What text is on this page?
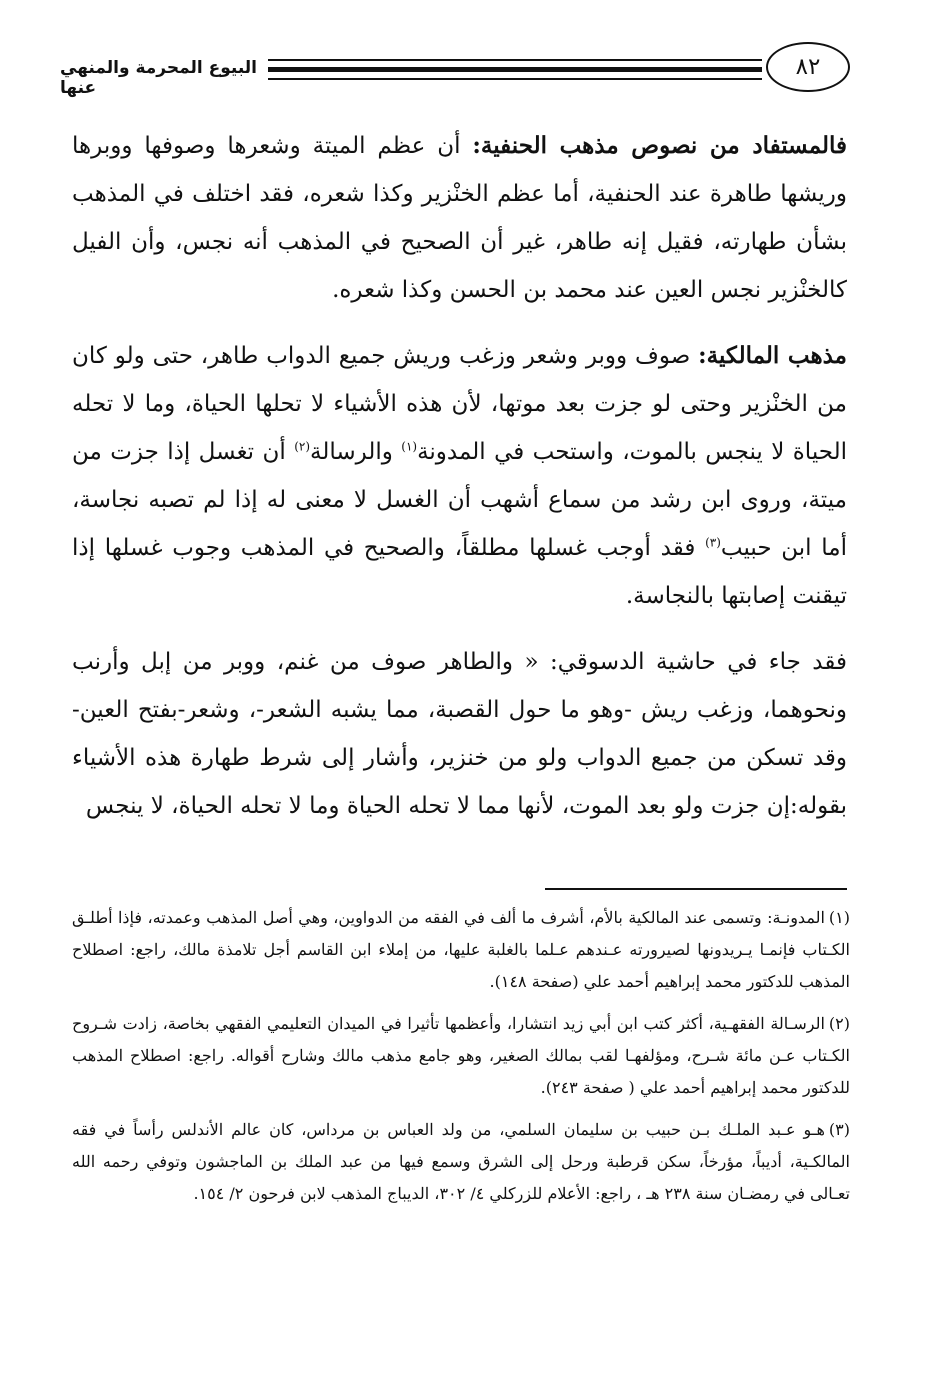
البيوع المحرمة والمنهي عنها
٨٢

فالمستفاد من نصوص مذهب الحنفية: أن عظم الميتة وشعرها وصوفها ووبرها وريشها طاهرة عند الحنفية، أما عظم الخنْزير وكذا شعره، فقد اختلف في المذهب بشأن طهارته، فقيل إنه طاهر، غير أن الصحيح في المذهب أنه نجس، وأن الفيل كالخنْزير نجس العين عند محمد بن الحسن وكذا شعره.

مذهب المالكية: صوف ووبر وشعر وزغب وريش جميع الدواب طاهر، حتى ولو كان من الخنْزير وحتى لو جزت بعد موتها، لأن هذه الأشياء لا تحلها الحياة، وما لا تحله الحياة لا ينجس بالموت، واستحب في المدونة$^{(١)}$ والرسالة$^{(٢)}$ أن تغسل إذا جزت من ميتة، وروى ابن رشد من سماع أشهب أن الغسل لا معنى له إذا لم تصبه نجاسة، أما ابن حبيب$^{(٣)}$ فقد أوجب غسلها مطلقاً، والصحيح في المذهب وجوب غسلها إذا تيقنت إصابتها بالنجاسة.

فقد جاء في حاشية الدسوقي: « والطاهر صوف من غنم، ووبر من إبل وأرنب ونحوهما، وزغب ريش -وهو ما حول القصبة، مما يشبه الشعر-، وشعر-بفتح العين- وقد تسكن من جميع الدواب ولو من خنزير، وأشار إلى شرط طهارة هذه الأشياء بقوله:إن جزت ولو بعد الموت، لأنها مما لا تحله الحياة وما لا تحله الحياة، لا ينجس

(١)المدونـة: وتسمى عند المالكية بالأم، أشرف ما ألف في الفقه من الدواوين، وهي أصل المذهب وعمدته، فإذا أطلـق الكـتاب فإنمـا يـريدونها لصيرورته عـندهم عـلما بالغلبة عليها، من إملاء ابن القاسم أجل تلامذة مالك، راجع: اصطلاح المذهب للدكتور محمد إبراهيم أحمد علي (صفحة ١٤٨).
(٢)الرسـالة الفقهـية، أكثر كتب ابن أبي زيد انتشارا، وأعظمها تأثيرا في الميدان التعليمي الفقهي بخاصة، زادت شـروح الكـتاب عـن مائة شـرح، ومؤلفهـا لقب بمالك الصغير، وهو جامع مذهب مالك وشارح أقواله. راجع: اصطلاح المذهب للدكتور محمد إبراهيم أحمد علي ( صفحة ٢٤٣).
(٣)هـو عـبد الملـك بـن حبيب بن سليمان السلمي، من ولد العباس بن مرداس، كان عالم الأندلس رأساً في فقه المالكـية، أديباً، مؤرخاً، سكن قرطبة ورحل إلى الشرق وسمع فيها من عبد الملك بن الماجشون وتوفي رحمه الله تعـالى في رمضـان سنة ٢٣٨ هـ ، راجع: الأعلام للزركلي ٤/ ٣٠٢، الديباج المذهب لابن فرحون ٢/ ١٥٤.
